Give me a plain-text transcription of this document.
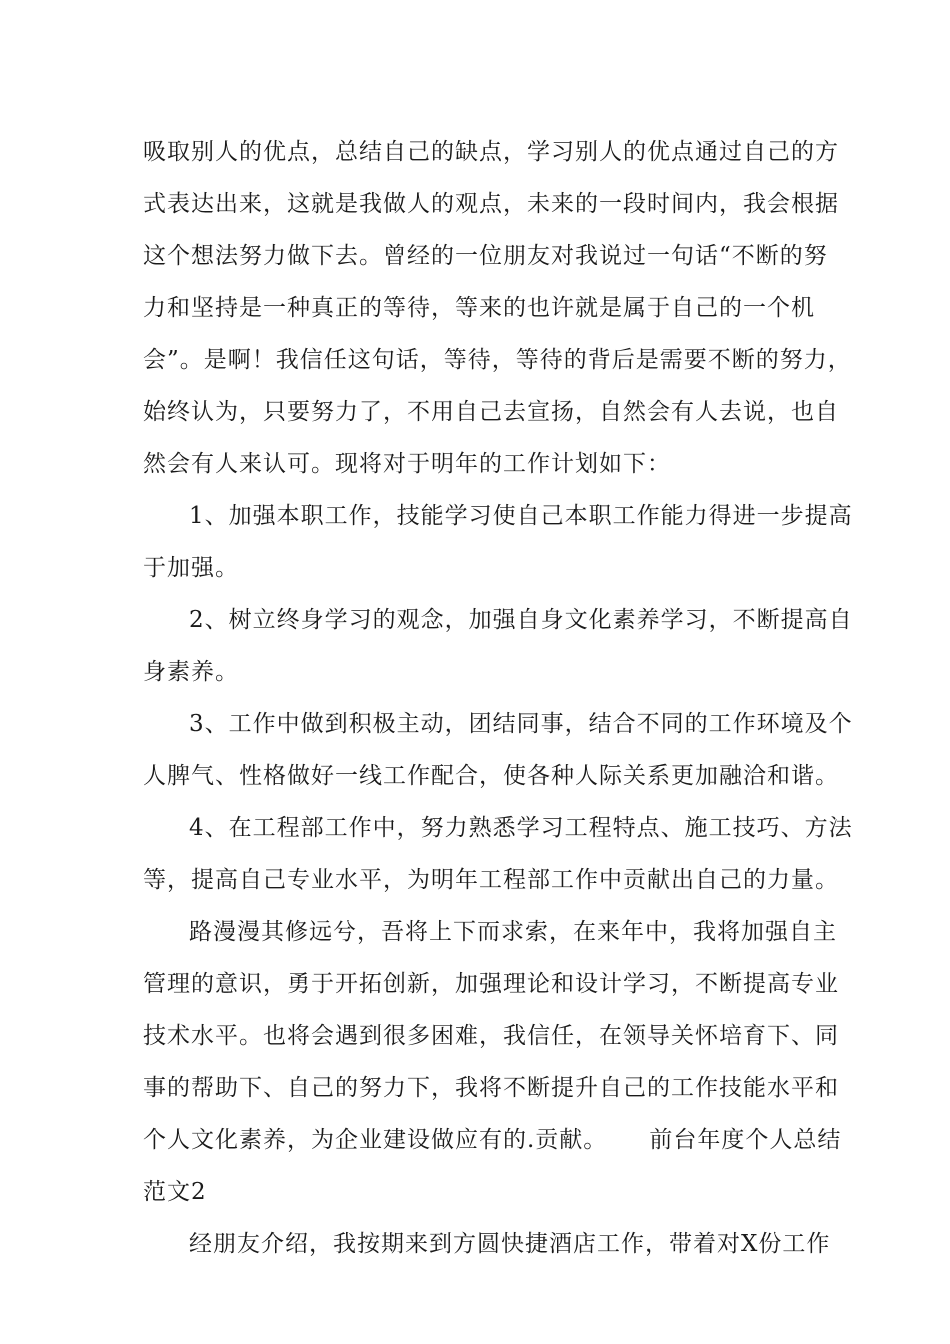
吸取别人的优点，总结自己的缺点，学习别人的优点通过自己的方
式表达出来，这就是我做人的观点，未来的一段时间内，我会根据
这个想法努力做下去。曾经的一位朋友对我说过一句话“不断的努
力和坚持是一种真正的等待，等来的也许就是属于自己的一个机
会”。是啊！我信任这句话，等待，等待的背后是需要不断的努力，
始终认为，只要努力了，不用自己去宣扬，自然会有人去说，也自
然会有人来认可。现将对于明年的工作计划如下：
1、加强本职工作，技能学习使自己本职工作能力得进一步提高
于加强。
2、树立终身学习的观念，加强自身文化素养学习，不断提高自
身素养。
3、工作中做到积极主动，团结同事，结合不同的工作环境及个
人脾气、性格做好一线工作配合，使各种人际关系更加融洽和谐。
4、在工程部工作中，努力熟悉学习工程特点、施工技巧、方法
等，提高自己专业水平，为明年工程部工作中贡献出自己的力量。
路漫漫其修远兮，吾将上下而求索，在来年中，我将加强自主
管理的意识，勇于开拓创新，加强理论和设计学习，不断提高专业
技术水平。也将会遇到很多困难，我信任，在领导关怀培育下、同
事的帮助下、自己的努力下，我将不断提升自己的工作技能水平和
个人文化素养，为企业建设做应有的.贡献。 前台年度个人总结
范文2
经朋友介绍，我按期来到方圆快捷酒店工作，带着对X份工作
